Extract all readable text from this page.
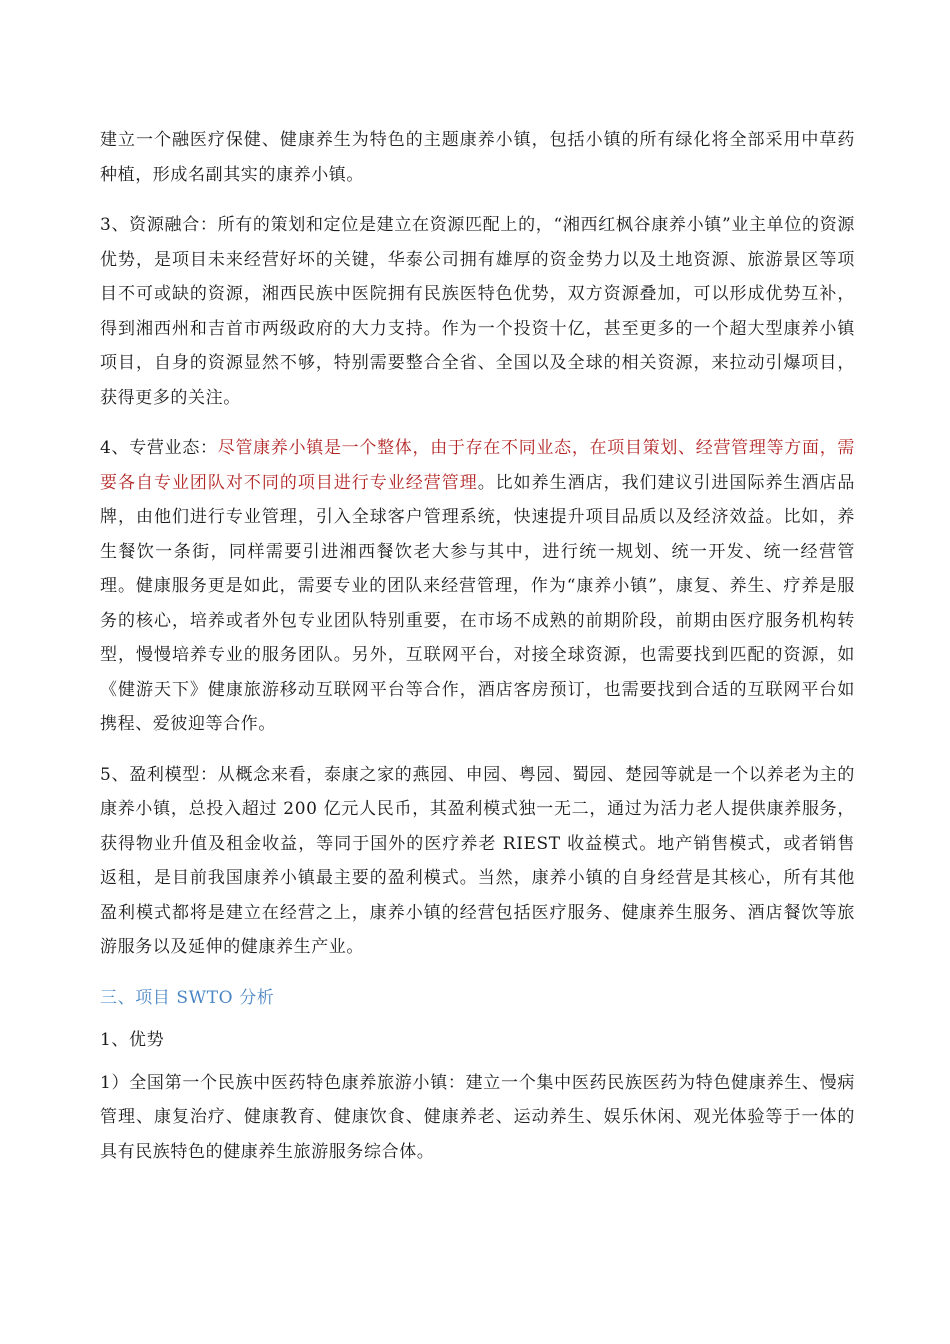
建立一个融医疗保健、健康养生为特色的主题康养小镇，包括小镇的所有绿化将全部采用中草药种植，形成名副其实的康养小镇。

3、资源融合：所有的策划和定位是建立在资源匹配上的，“湘西红枫谷康养小镇”业主单位的资源优势，是项目未来经营好坏的关键，华泰公司拥有雄厚的资金势力以及土地资源、旅游景区等项目不可或缺的资源，湘西民族中医院拥有民族医特色优势，双方资源叠加，可以形成优势互补，得到湘西州和吉首市两级政府的大力支持。作为一个投资十亿，甚至更多的一个超大型康养小镇项目，自身的资源显然不够，特别需要整合全省、全国以及全球的相关资源，来拉动引爆项目，获得更多的关注。

4、专营业态：尽管康养小镇是一个整体，由于存在不同业态，在项目策划、经营管理等方面，需要各自专业团队对不同的项目进行专业经营管理。比如养生酒店，我们建议引进国际养生酒店品牌，由他们进行专业管理，引入全球客户管理系统，快速提升项目品质以及经济效益。比如，养生餐饮一条街，同样需要引进湘西餐饮老大参与其中，进行统一规划、统一开发、统一经营管理。健康服务更是如此，需要专业的团队来经营管理，作为“康养小镇”，康复、养生、疗养是服务的核心，培养或者外包专业团队特别重要，在市场不成熟的前期阶段，前期由医疗服务机构转型，慢慢培养专业的服务团队。另外，互联网平台，对接全球资源，也需要找到匹配的资源，如《健游天下》健康旅游移动互联网平台等合作，酒店客房预订，也需要找到合适的互联网平台如携程、爱彼迎等合作。

5、盈利模型：从概念来看，泰康之家的燕园、申园、粤园、蜀园、楚园等就是一个以养老为主的康养小镇，总投入超过 200 亿元人民币，其盈利模式独一无二，通过为活力老人提供康养服务，获得物业升值及租金收益，等同于国外的医疗养老 RIEST 收益模式。地产销售模式，或者销售返租，是目前我国康养小镇最主要的盈利模式。当然，康养小镇的自身经营是其核心，所有其他盈利模式都将是建立在经营之上，康养小镇的经营包括医疗服务、健康养生服务、酒店餐饮等旅游服务以及延伸的健康养生产业。

三、项目 SWTO 分析

1、优势

1）全国第一个民族中医药特色康养旅游小镇：建立一个集中医药民族医药为特色健康养生、慢病管理、康复治疗、健康教育、健康饮食、健康养老、运动养生、娱乐休闲、观光体验等于一体的具有民族特色的健康养生旅游服务综合体。
